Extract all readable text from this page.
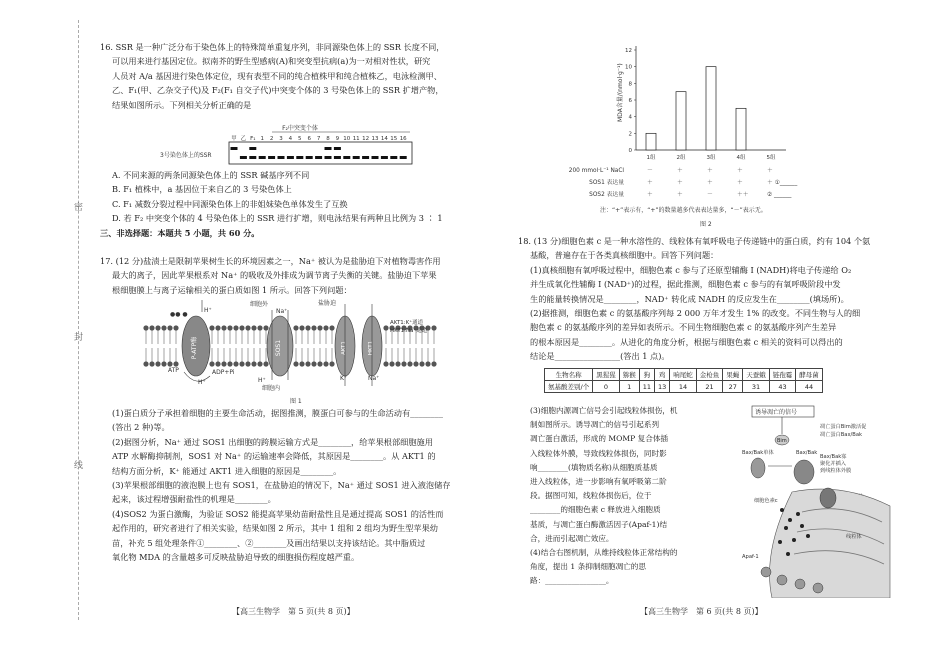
密
封
线

16. SSR 是一种广泛分布于染色体上的特殊简单重复序列，非同源染色体上的 SSR 长度不同，

可以用来进行基因定位。拟南芥的野生型感病(A)和突变型抗病(a)为一对相对性状，研究

人员对 A/a 基因进行染色体定位，现有表型不同的纯合植株甲和纯合植株乙，电泳检测甲、

乙、F₁(甲、乙杂交子代)及 F₂(F₁ 自交子代)中突变个体的 3 号染色体上的 SSR 扩增产物，

结果如图所示。下列相关分析正确的是

F₂中突变个体
甲 乙 F₁ 1 2 3 4 5 6 7 8 9 10 11 12 13 14 15 16
3号染色体上的SSR

A. 不同来源的两条同源染色体上的 SSR 碱基序列不同

B. F₁ 植株中，a 基因位于来自乙的 3 号染色体上

C. F₁ 减数分裂过程中同源染色体上的非姐妹染色单体发生了互换

D. 若 F₂ 中突变个体的 4 号染色体上的 SSR 进行扩增，则电泳结果有两种且比例为 3 ∶ 1

三、非选择题：本题共 5 小题，共 60 分。

17. (12 分)盐渍土是限制苹果树生长的环境因素之一，Na⁺ 被认为是盐胁迫下对植物毒害作用

最大的离子，因此苹果根系对 Na⁺ 的吸收及外排成为调节离子失衡的关键。盐胁迫下苹果

根细胞膜上与离子运输相关的蛋白质如图 1 所示。回答下列问题：

P-ATP酶	SOS1	AKT1	HKT1
●● ●
H⁺
细胞外
Na⁺
盐胁迫
AKT1:K⁺通道
HKT1:Na⁺通道
ATP	ADP+Pi
H⁺	H⁺
细胞内
K⁺	Na⁺
图 1

(1)蛋白质分子承担着细胞的主要生命活动，据图推测，膜蛋白可参与的生命活动有________

(答出 2 种)等。

(2)据图分析，Na⁺ 通过 SOS1 出细胞的跨膜运输方式是________，给苹果根部细胞施用

ATP 水解酶抑制剂，SOS1 对 Na⁺ 的运输速率会降低，其原因是________。从 AKT1 的

结构方面分析，K⁺ 能通过 AKT1 进入细胞的原因是________。

(3)苹果根部细胞的液泡膜上也有 SOS1，在盐胁迫的情况下，Na⁺ 通过 SOS1 进入液泡储存

起来，该过程增强耐盐性的机理是________。

(4)SOS2 为蛋白激酶，为验证 SOS2 能提高苹果幼苗耐盐性且是通过提高 SOS1 的活性而

起作用的，研究者进行了相关实验，结果如图 2 所示，其中 1 组和 2 组均为野生型苹果幼

苗，补充 5 组处理条件①________、②________及画出结果以支持该结论。其中脂质过

氧化物 MDA 的含量越多可反映盐胁迫导致的细胞损伤程度越严重。

【高三生物学　第 5 页(共 8 页)】
MDA含量/(nmol·g⁻¹)
1组	2组	3组	4组	5组
0
2
4
6
8
10
12
200 mmol·L⁻¹ NaCl	－	＋	＋	＋	＋
SOS1 表达量	＋	＋	＋	＋	＋ ①______
SOS2 表达量	＋	＋	－	＋＋	② ______
注：“+”表示有，“+”的数量越多代表表达量多，“－”表示无。
图 2

18. (13 分)细胞色素 c 是一种水溶性的、线粒体有氧呼吸电子传递链中的蛋白质，约有 104 个氨

基酸，普遍存在于各类真核细胞中。回答下列问题：

(1)真核细胞有氧呼吸过程中，细胞色素 c 参与了还原型辅酶 Ⅰ (NADH)将电子传递给 O₂

并生成氧化性辅酶 Ⅰ (NAD⁺)的过程，据此推测，细胞色素 c 参与的有氧呼吸阶段中发

生的能量转换情况是________，NAD⁺ 转化成 NADH 的反应发生在________(填场所)。

(2)据推测，细胞色素 c 的氨基酸序列每 2 000 万年才发生 1% 的改变。不同生物与人的细

胞色素 c 的氨基酸序列的差异如表所示。不同生物细胞色素 c 的氨基酸序列产生差异

的根本原因是________。从进化的角度分析，根据与细胞色素 c 相关的资料可以得出的

结论是________________(答出 1 点)。

生物名称	黑猩猩	猕猴	狗	鸡	响尾蛇	金枪鱼	果蝇	天蚕蛾	链孢霉	酵母菌
氨基酸差别/个	0	1	11	13	14	21	27	31	43	44

(3)细胞内源凋亡信号会引起线粒体损伤，机

制如图所示。诱导凋亡的信号引起系列

凋亡蛋白激活，形成的 MOMP 复合体插

入线粒体外膜，导致线粒体损伤，同时影

响________(填物质名称)从细胞质基质

进入线粒体，进一步影响有氧呼吸第二阶

段。据图可知，线粒体损伤后，位于

________的细胞色素 c 释放进入细胞质

基质，与凋亡蛋白酶激活因子(Apaf-1)结

合，进而引起凋亡效应。

(4)结合右图机制，从维持线粒体正常结构的

角度，提出 1 条抑制细胞凋亡的思

路：________________。

诱导凋亡的信号
Bim
凋亡蛋白Bim激活促
凋亡蛋白Bax/Bak
Bax/Bak单体	Bax/Bak
Bax/Bak寡
聚化并插入
到线粒体外膜
细胞色素c
线粒体
Apaf-1
【高三生物学　第 6 页(共 8 页)】
